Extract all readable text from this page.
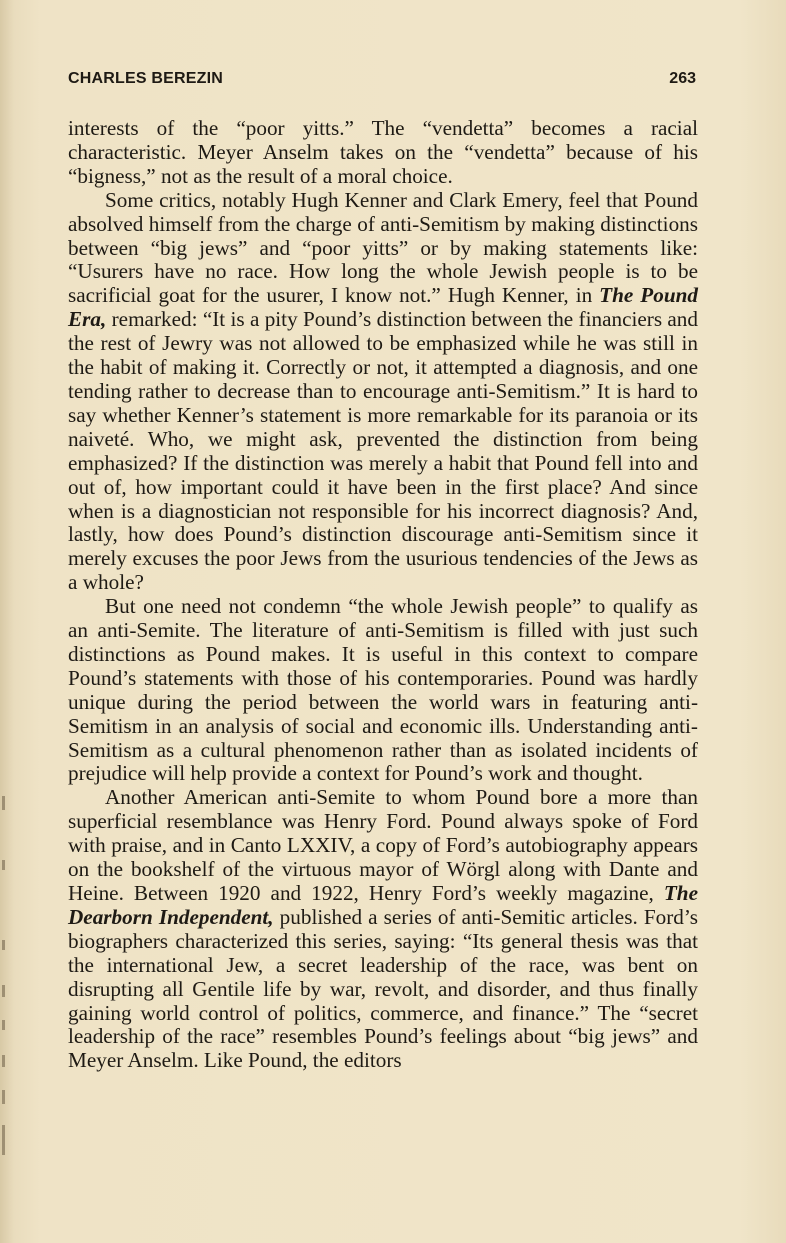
CHARLES BEREZIN	263

interests of the “poor yitts.” The “vendetta” becomes a racial characteristic. Meyer Anselm takes on the “vendetta” because of his “bigness,” not as the result of a moral choice.

Some critics, notably Hugh Kenner and Clark Emery, feel that Pound absolved himself from the charge of anti-Semitism by making distinctions between “big jews” and “poor yitts” or by making statements like: “Usurers have no race. How long the whole Jewish people is to be sacrificial goat for the usurer, I know not.” Hugh Kenner, in The Pound Era, remarked: “It is a pity Pound’s distinction between the financiers and the rest of Jewry was not allowed to be emphasized while he was still in the habit of making it. Correctly or not, it attempted a diagnosis, and one tending rather to decrease than to encourage anti-Semitism.” It is hard to say whether Kenner’s statement is more remarkable for its paranoia or its naiveté. Who, we might ask, prevented the distinction from being emphasized? If the distinction was merely a habit that Pound fell into and out of, how important could it have been in the first place? And since when is a diagnostician not responsible for his incorrect diagnosis? And, lastly, how does Pound’s distinction discourage anti-Semitism since it merely excuses the poor Jews from the usurious tendencies of the Jews as a whole?

But one need not condemn “the whole Jewish people” to qualify as an anti-Semite. The literature of anti-Semitism is filled with just such distinctions as Pound makes. It is useful in this context to compare Pound’s statements with those of his contemporaries. Pound was hardly unique during the period between the world wars in featuring anti-Semitism in an analysis of social and economic ills. Understanding anti-Semitism as a cultural phenomenon rather than as isolated incidents of prejudice will help provide a context for Pound’s work and thought.

Another American anti-Semite to whom Pound bore a more than superficial resemblance was Henry Ford. Pound always spoke of Ford with praise, and in Canto LXXIV, a copy of Ford’s autobiography appears on the bookshelf of the virtuous mayor of Wörgl along with Dante and Heine. Between 1920 and 1922, Henry Ford’s weekly magazine, The Dearborn Independent, published a series of anti-Semitic articles. Ford’s biographers characterized this series, saying: “Its general thesis was that the international Jew, a secret leadership of the race, was bent on disrupting all Gentile life by war, revolt, and disorder, and thus finally gaining world control of politics, commerce, and finance.” The “secret leadership of the race” resembles Pound’s feelings about “big jews” and Meyer Anselm. Like Pound, the editors
